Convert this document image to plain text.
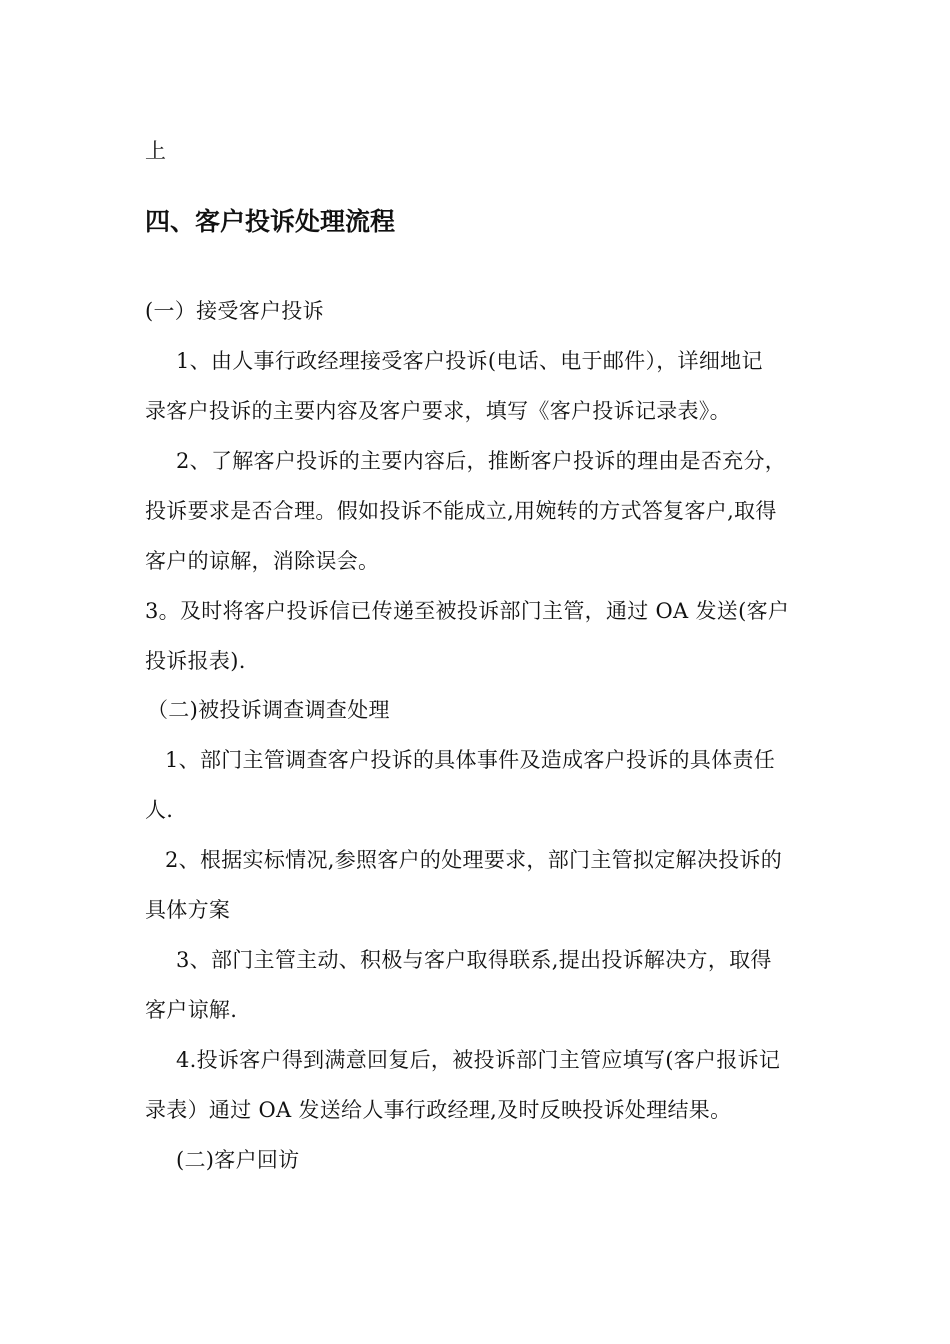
上
四、客户投诉处理流程
(一）接受客户投诉
1、由人事行政经理接受客户投诉(电话、电于邮件），详细地记
录客户投诉的主要内容及客户要求，填写《客户投诉记录表》。
2、了解客户投诉的主要内容后，推断客户投诉的理由是否充分，
投诉要求是否合理。假如投诉不能成立,用婉转的方式答复客户,取得
客户的谅解，消除误会。
3。及时将客户投诉信已传递至被投诉部门主管，通过 OA 发送(客户
投诉报表).
（二)被投诉调查调查处理
1、部门主管调查客户投诉的具体事件及造成客户投诉的具体责任
人.
2、根据实标情况,参照客户的处理要求，部门主管拟定解决投诉的
具体方案
3、部门主管主动、积极与客户取得联系,提出投诉解决方，取得
客户谅解.
4.投诉客户得到满意回复后，被投诉部门主管应填写(客户报诉记
录表）通过 OA 发送给人事行政经理,及时反映投诉处理结果。
(二)客户回访
